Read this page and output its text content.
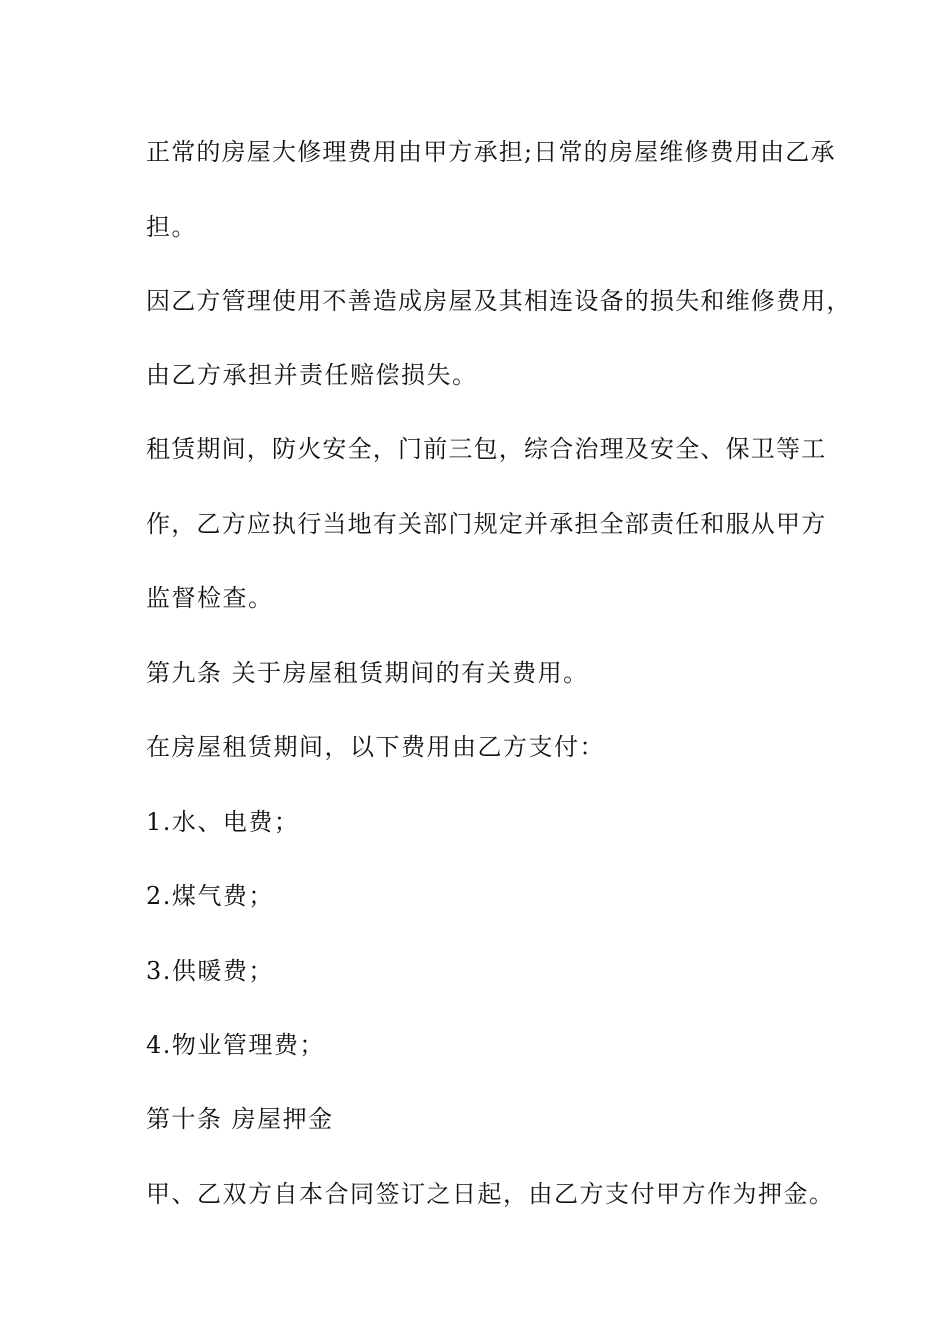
正常的房屋大修理费用由甲方承担;日常的房屋维修费用由乙承

担。

因乙方管理使用不善造成房屋及其相连设备的损失和维修费用，

由乙方承担并责任赔偿损失。

租赁期间，防火安全，门前三包，综合治理及安全、保卫等工

作，乙方应执行当地有关部门规定并承担全部责任和服从甲方

监督检查。

第九条 关于房屋租赁期间的有关费用。

在房屋租赁期间，以下费用由乙方支付：

1.水、电费；

2.煤气费；

3.供暖费；

4.物业管理费；

第十条 房屋押金

甲、乙双方自本合同签订之日起，由乙方支付甲方作为押金。
